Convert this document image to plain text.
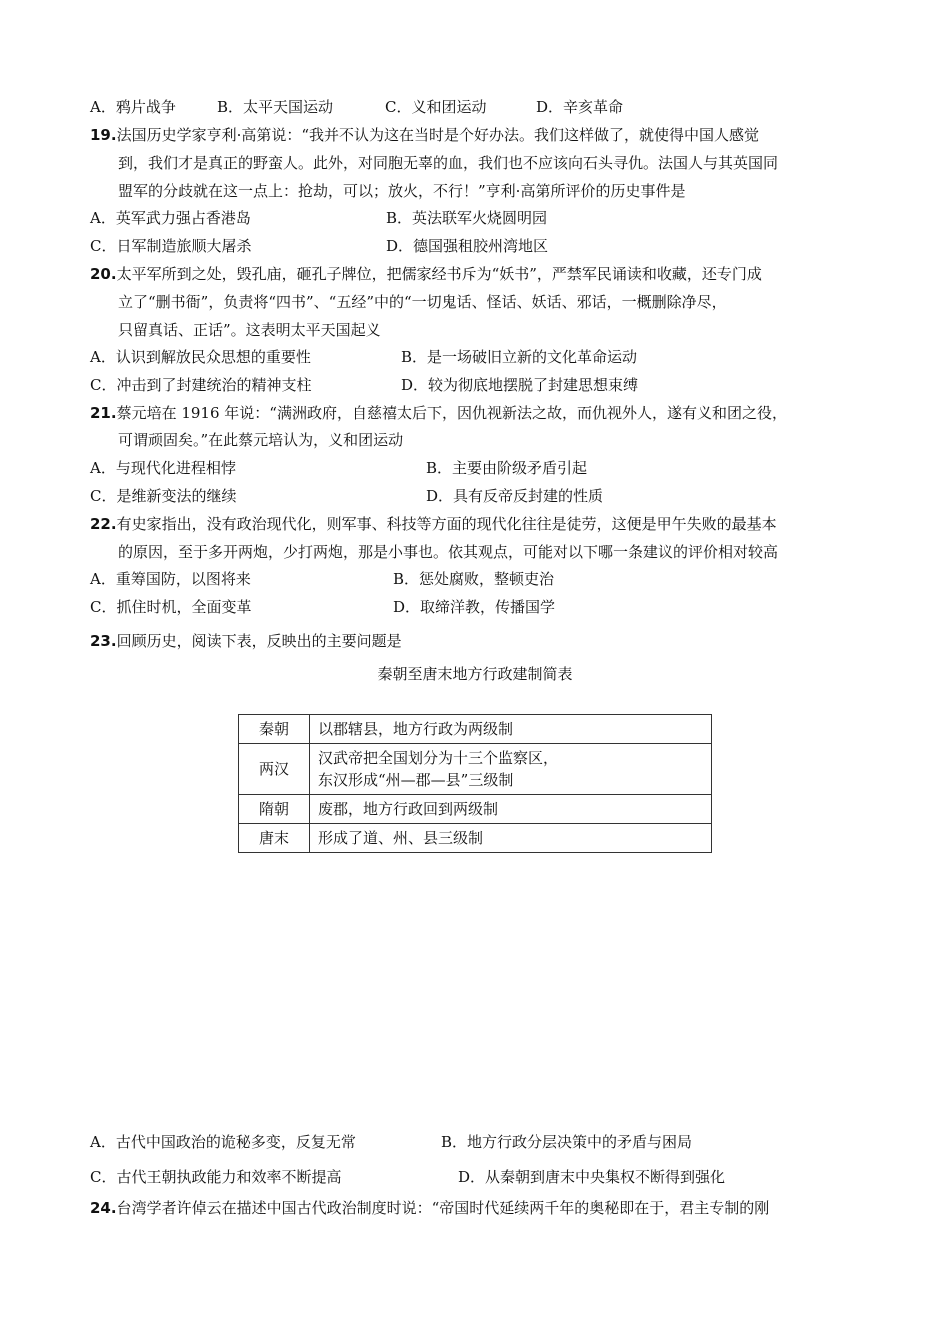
A．鸦片战争	B．太平天国运动	C．义和团运动	D．辛亥革命
19.法国历史学家亨利·高第说：“我并不认为这在当时是个好办法。我们这样做了，就使得中国人感觉
到，我们才是真正的野蛮人。此外，对同胞无辜的血，我们也不应该向石头寻仇。法国人与其英国同
盟军的分歧就在这一点上：抢劫，可以；放火，不行！”亨利·高第所评价的历史事件是
A．英军武力强占香港岛	B．英法联军火烧圆明园
C．日军制造旅顺大屠杀	D．德国强租胶州湾地区
20.太平军所到之处，毁孔庙，砸孔子牌位，把儒家经书斥为“妖书”，严禁军民诵读和收藏，还专门成
立了“删书衙”，负责将“四书”、“五经”中的“一切鬼话、怪话、妖话、邪话，一概删除净尽，
只留真话、正话”。这表明太平天国起义
A．认识到解放民众思想的重要性	B．是一场破旧立新的文化革命运动
C．冲击到了封建统治的精神支柱	D．较为彻底地摆脱了封建思想束缚
21.蔡元培在 1916 年说：“满洲政府，自慈禧太后下，因仇视新法之故，而仇视外人，遂有义和团之役，
可谓顽固矣。”在此蔡元培认为，义和团运动
A．与现代化进程相悖	B．主要由阶级矛盾引起
C．是维新变法的继续	D．具有反帝反封建的性质
22.有史家指出，没有政治现代化，则军事、科技等方面的现代化往往是徒劳，这便是甲午失败的最基本
的原因，至于多开两炮，少打两炮，那是小事也。依其观点，可能对以下哪一条建议的评价相对较高
A．重筹国防，以图将来	B．惩处腐败，整顿吏治
C．抓住时机，全面变革	D．取缔洋教，传播国学
23.回顾历史，阅读下表，反映出的主要问题是
秦朝至唐末地方行政建制简表
秦朝	以郡辖县，地方行政为两级制
两汉	汉武帝把全国划分为十三个监察区，
东汉形成“州—郡—县”三级制

隋朝	废郡，地方行政回到两级制
唐末	形成了道、州、县三级制
A．古代中国政治的诡秘多变，反复无常	B．地方行政分层决策中的矛盾与困局
C．古代王朝执政能力和效率不断提高	D．从秦朝到唐末中央集权不断得到强化
24.台湾学者许倬云在描述中国古代政治制度时说：“帝国时代延续两千年的奥秘即在于，君主专制的刚
